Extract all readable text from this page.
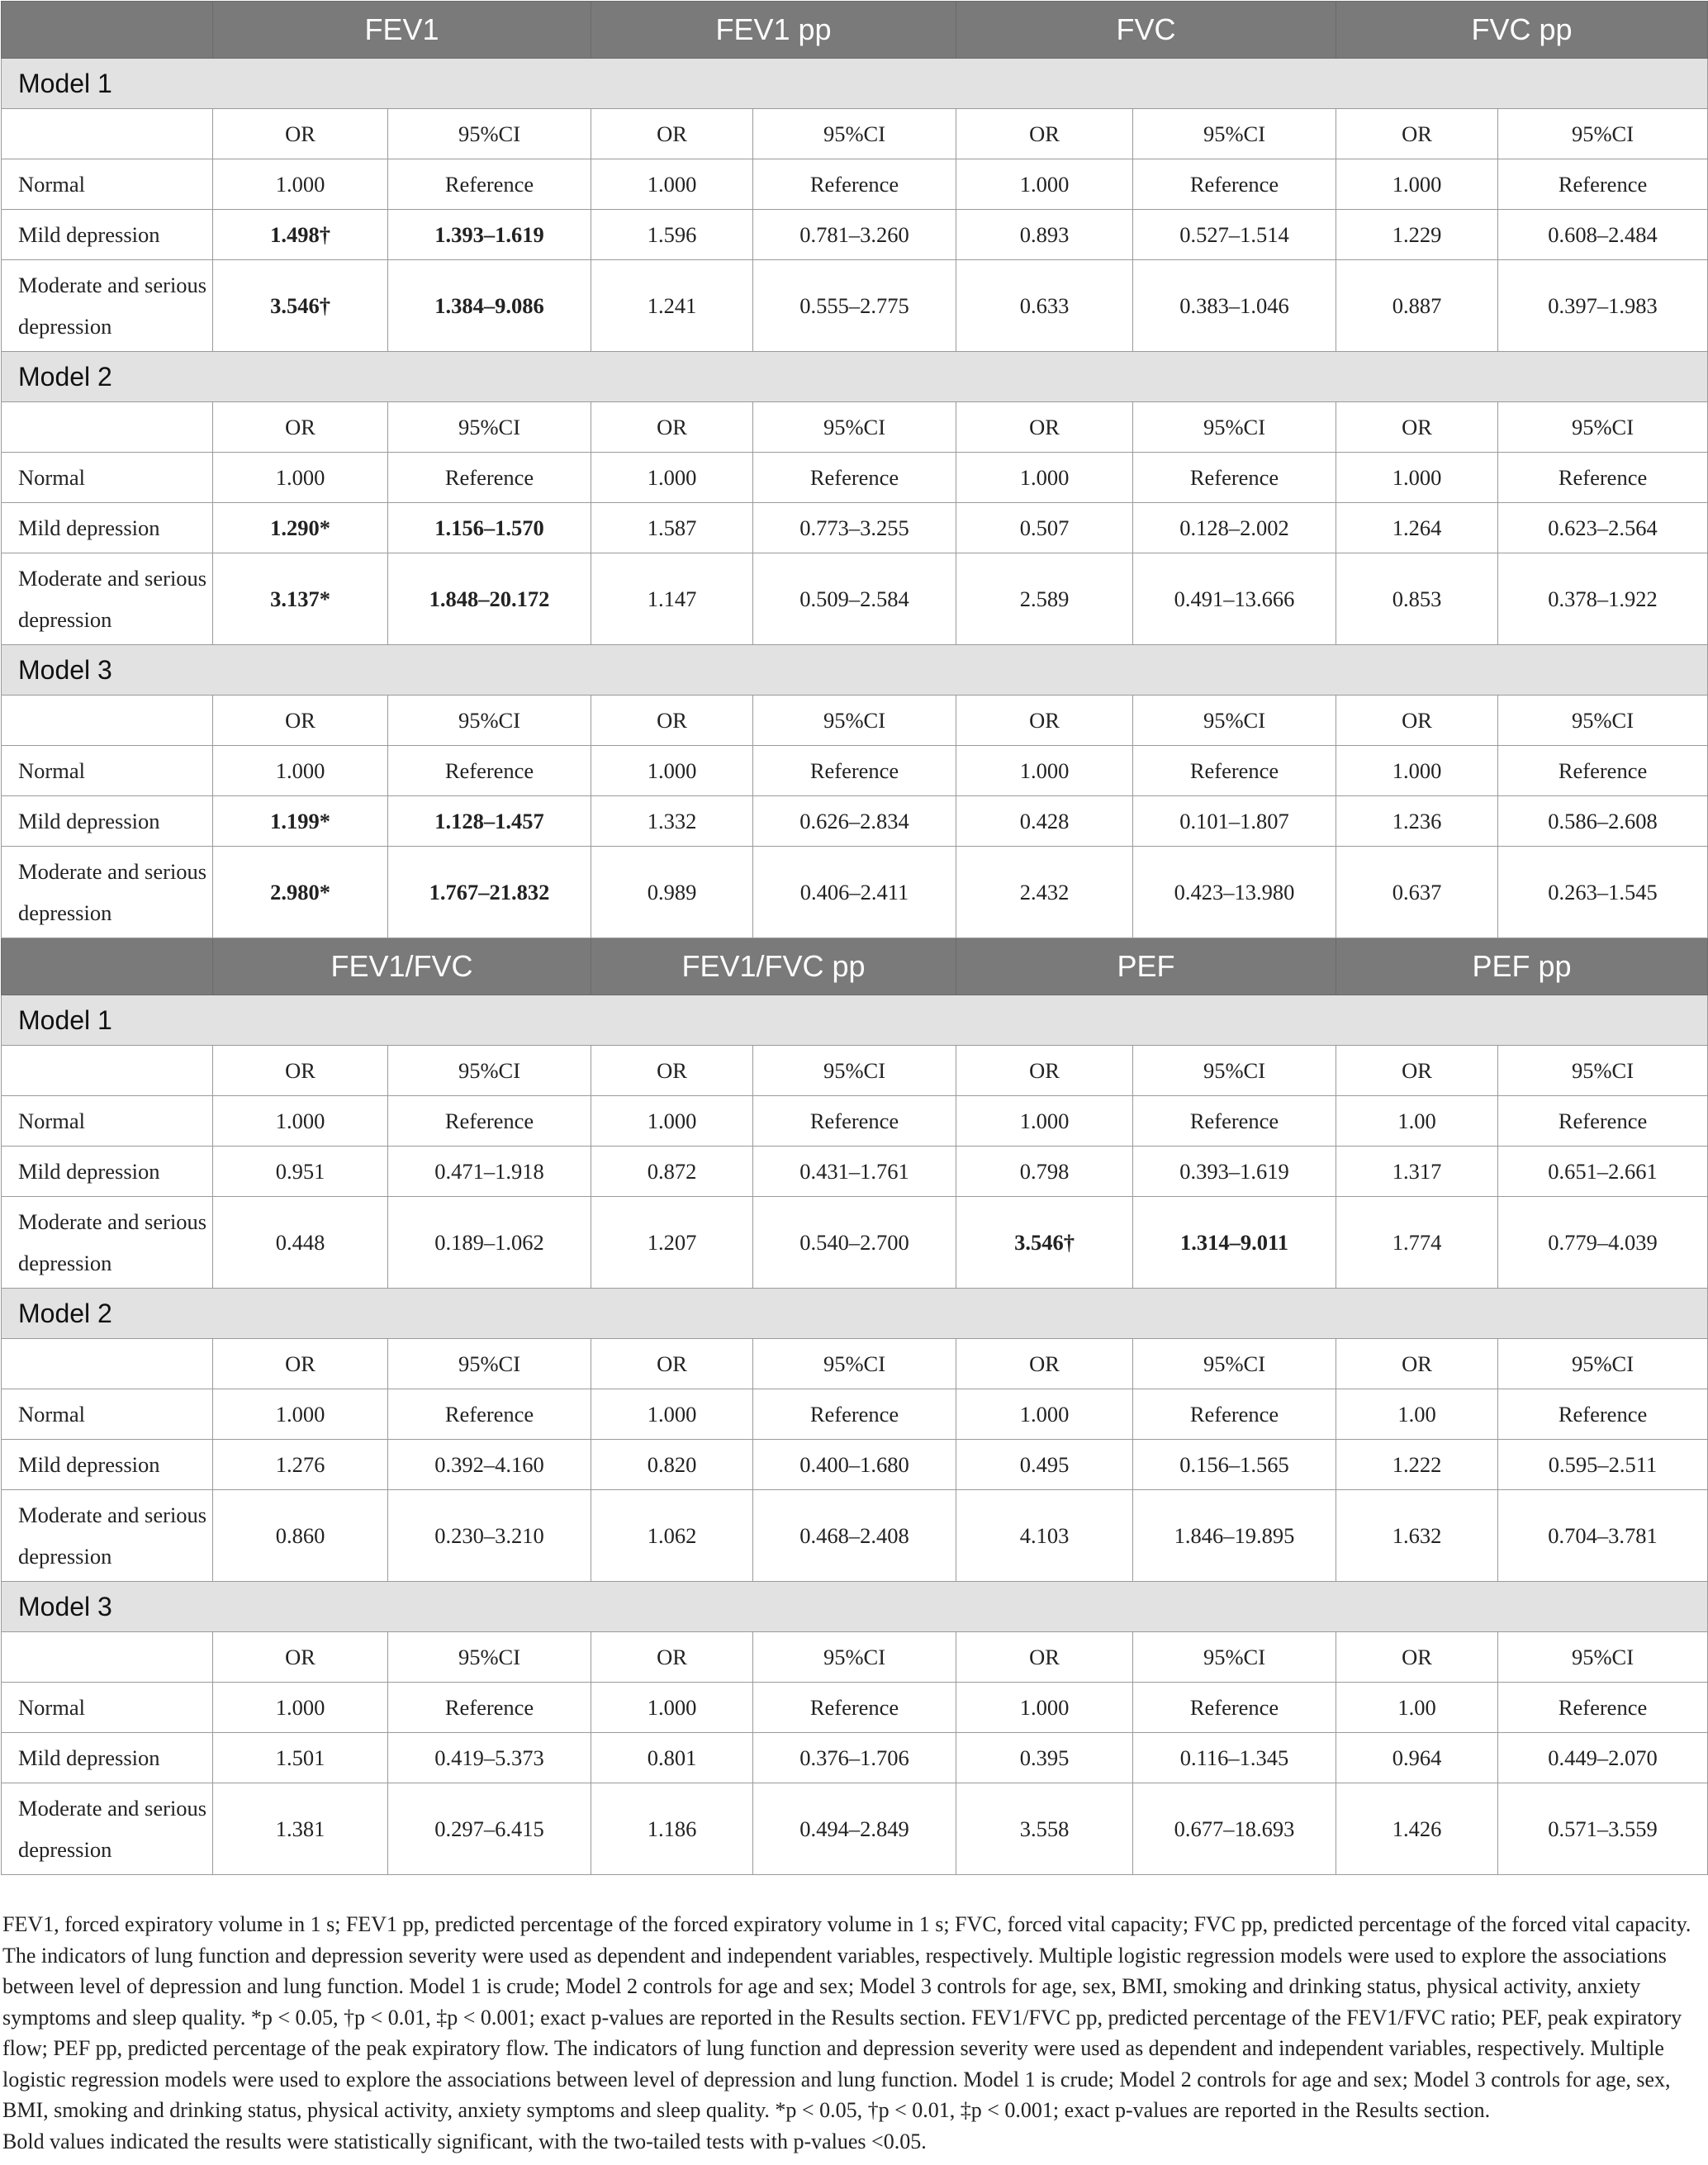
	FEV1		FEV1 pp		FVC		FVC pp	
Model 1								
	OR	95%CI	OR	95%CI	OR	95%CI	OR	95%CI
Normal	1.000	Reference	1.000	Reference	1.000	Reference	1.000	Reference
Mild depression	1.498†	1.393–1.619	1.596	0.781–3.260	0.893	0.527–1.514	1.229	0.608–2.484
Moderate and serious depression	3.546†	1.384–9.086	1.241	0.555–2.775	0.633	0.383–1.046	0.887	0.397–1.983
Model 2								
	OR	95%CI	OR	95%CI	OR	95%CI	OR	95%CI
Normal	1.000	Reference	1.000	Reference	1.000	Reference	1.000	Reference
Mild depression	1.290*	1.156–1.570	1.587	0.773–3.255	0.507	0.128–2.002	1.264	0.623–2.564
Moderate and serious depression	3.137*	1.848–20.172	1.147	0.509–2.584	2.589	0.491–13.666	0.853	0.378–1.922
Model 3								
	OR	95%CI	OR	95%CI	OR	95%CI	OR	95%CI
Normal	1.000	Reference	1.000	Reference	1.000	Reference	1.000	Reference
Mild depression	1.199*	1.128–1.457	1.332	0.626–2.834	0.428	0.101–1.807	1.236	0.586–2.608
Moderate and serious depression	2.980*	1.767–21.832	0.989	0.406–2.411	2.432	0.423–13.980	0.637	0.263–1.545
	FEV1/FVC		FEV1/FVC pp		PEF		PEF pp	
Model 1								
	OR	95%CI	OR	95%CI	OR	95%CI	OR	95%CI
Normal	1.000	Reference	1.000	Reference	1.000	Reference	1.00	Reference
Mild depression	0.951	0.471–1.918	0.872	0.431–1.761	0.798	0.393–1.619	1.317	0.651–2.661
Moderate and serious depression	0.448	0.189–1.062	1.207	0.540–2.700	3.546†	1.314–9.011	1.774	0.779–4.039
Model 2								
	OR	95%CI	OR	95%CI	OR	95%CI	OR	95%CI
Normal	1.000	Reference	1.000	Reference	1.000	Reference	1.00	Reference
Mild depression	1.276	0.392–4.160	0.820	0.400–1.680	0.495	0.156–1.565	1.222	0.595–2.511
Moderate and serious depression	0.860	0.230–3.210	1.062	0.468–2.408	4.103	1.846–19.895	1.632	0.704–3.781
Model 3								
	OR	95%CI	OR	95%CI	OR	95%CI	OR	95%CI
Normal	1.000	Reference	1.000	Reference	1.000	Reference	1.00	Reference
Mild depression	1.501	0.419–5.373	0.801	0.376–1.706	0.395	0.116–1.345	0.964	0.449–2.070
Moderate and serious depression	1.381	0.297–6.415	1.186	0.494–2.849	3.558	0.677–18.693	1.426	0.571–3.559

FEV1, forced expiratory volume in 1 s; FEV1 pp, predicted percentage of the forced expiratory volume in 1 s; FVC, forced vital capacity; FVC pp, predicted percentage of the forced vital capacity. The indicators of lung function and depression severity were used as dependent and independent variables, respectively. Multiple logistic regression models were used to explore the associations between level of depression and lung function. Model 1 is crude; Model 2 controls for age and sex; Model 3 controls for age, sex, BMI, smoking and drinking status, physical activity, anxiety symptoms and sleep quality. *p < 0.05, †p < 0.01, ‡p < 0.001; exact p-values are reported in the Results section. FEV1/FVC pp, predicted percentage of the FEV1/FVC ratio; PEF, peak expiratory flow; PEF pp, predicted percentage of the peak expiratory flow. The indicators of lung function and depression severity were used as dependent and independent variables, respectively. Multiple logistic regression models were used to explore the associations between level of depression and lung function. Model 1 is crude; Model 2 controls for age and sex; Model 3 controls for age, sex, BMI, smoking and drinking status, physical activity, anxiety symptoms and sleep quality. *p < 0.05, †p < 0.01, ‡p < 0.001; exact p-values are reported in the Results section.

Bold values indicated the results were statistically significant, with the two-tailed tests with p-values <0.05.
